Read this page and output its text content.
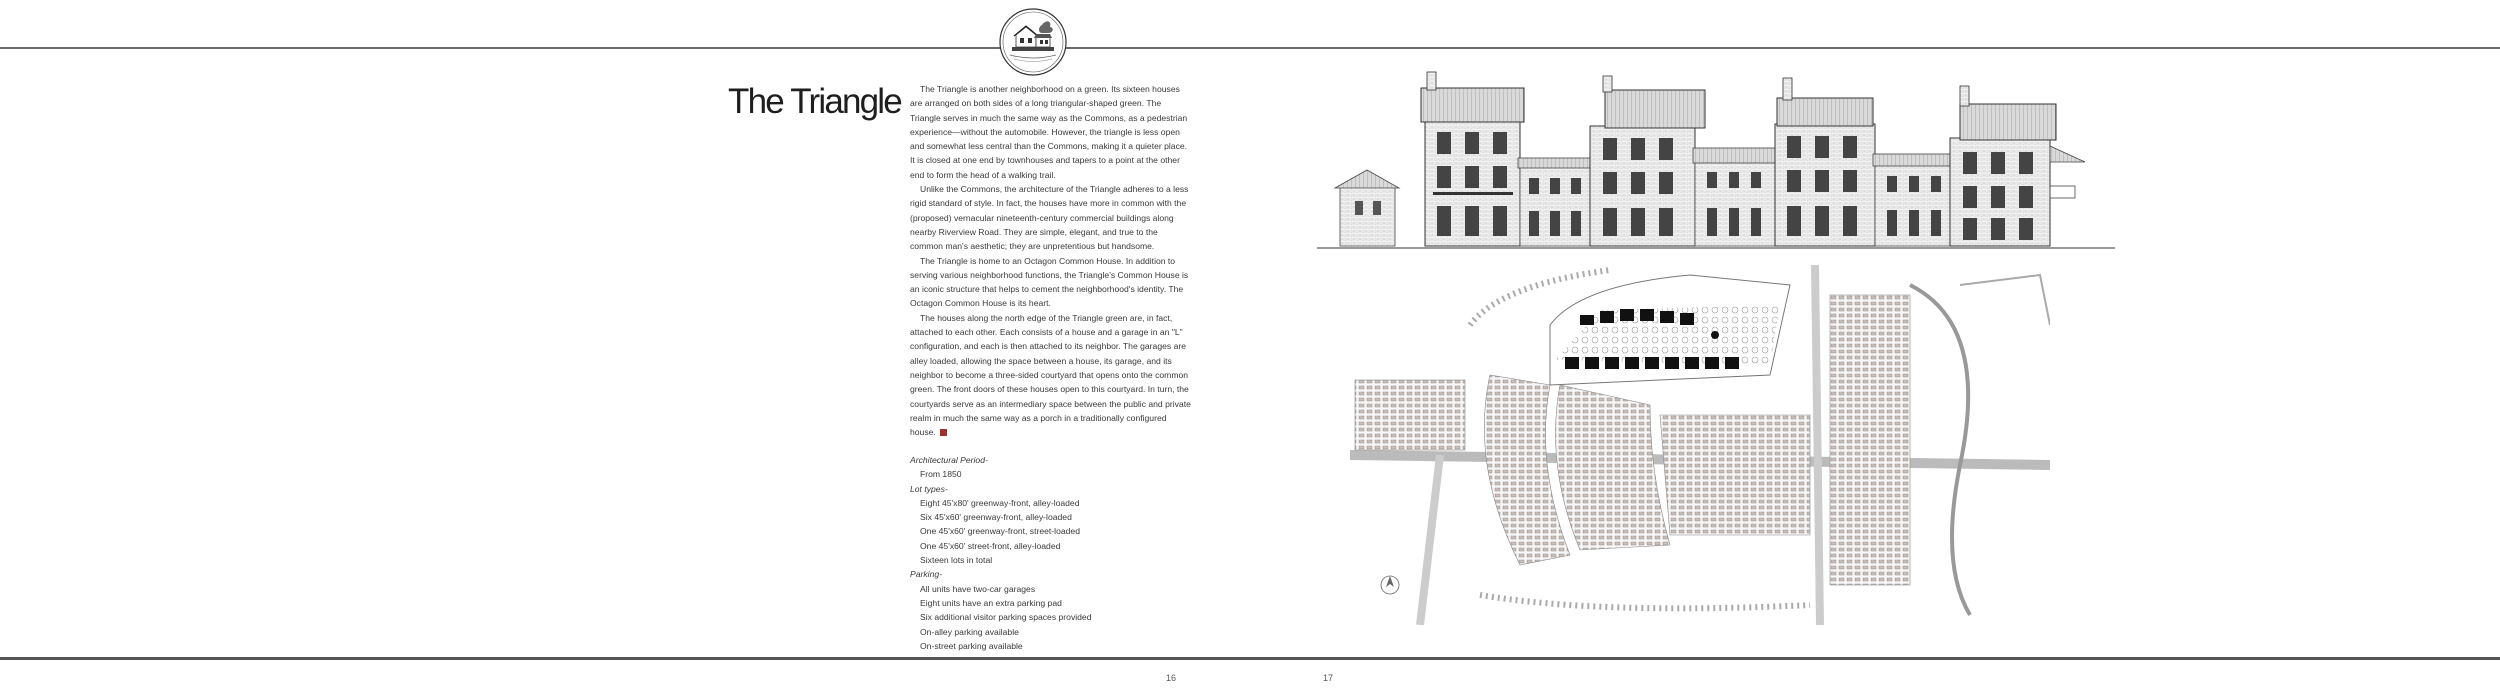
The Triangle	The Triangle is another neighborhood on a green. Its sixteen houses are arranged on both sides of a long triangular-shaped green. The Triangle serves in much the same way as the Commons, as a pedestrian experience—without the automobile. However, the triangle is less open and somewhat less central than the Commons, making it a quieter place. It is closed at one end by townhouses and tapers to a point at the other end to form the head of a walking trail.

Unlike the Commons, the architecture of the Triangle adheres to a less rigid standard of style. In fact, the houses have more in common with the (proposed) vernacular nineteenth-century commercial buildings along nearby Riverview Road. They are simple, elegant, and true to the common man's aesthetic; they are unpretentious but handsome.

The Triangle is home to an Octagon Common House. In addition to serving various neighborhood functions, the Triangle's Common House is an iconic structure that helps to cement the neighborhood's identity. The Octagon Common House is its heart.

The houses along the north edge of the Triangle green are, in fact, attached to each other. Each consists of a house and a garage in an "L" configuration, and each is then attached to its neighbor. The garages are alley loaded, allowing the space between a house, its garage, and its neighbor to become a three-sided courtyard that opens onto the common green. The front doors of these houses open to this courtyard. In turn, the courtyards serve as an intermediary space between the public and private realm in much the same way as a porch in a traditionally configured house.

Architectural Period-
From 1850
Lot types-
Eight 45'x80' greenway-front, alley-loaded
Six 45'x60' greenway-front, alley-loaded
One 45'x60' greenway-front, street-loaded
One 45'x60' street-front, alley-loaded
Sixteen lots in total
Parking-
All units have two-car garages
Eight units have an extra parking pad
Six additional visitor parking spaces provided
On-alley parking available
On-street parking available
16	17
